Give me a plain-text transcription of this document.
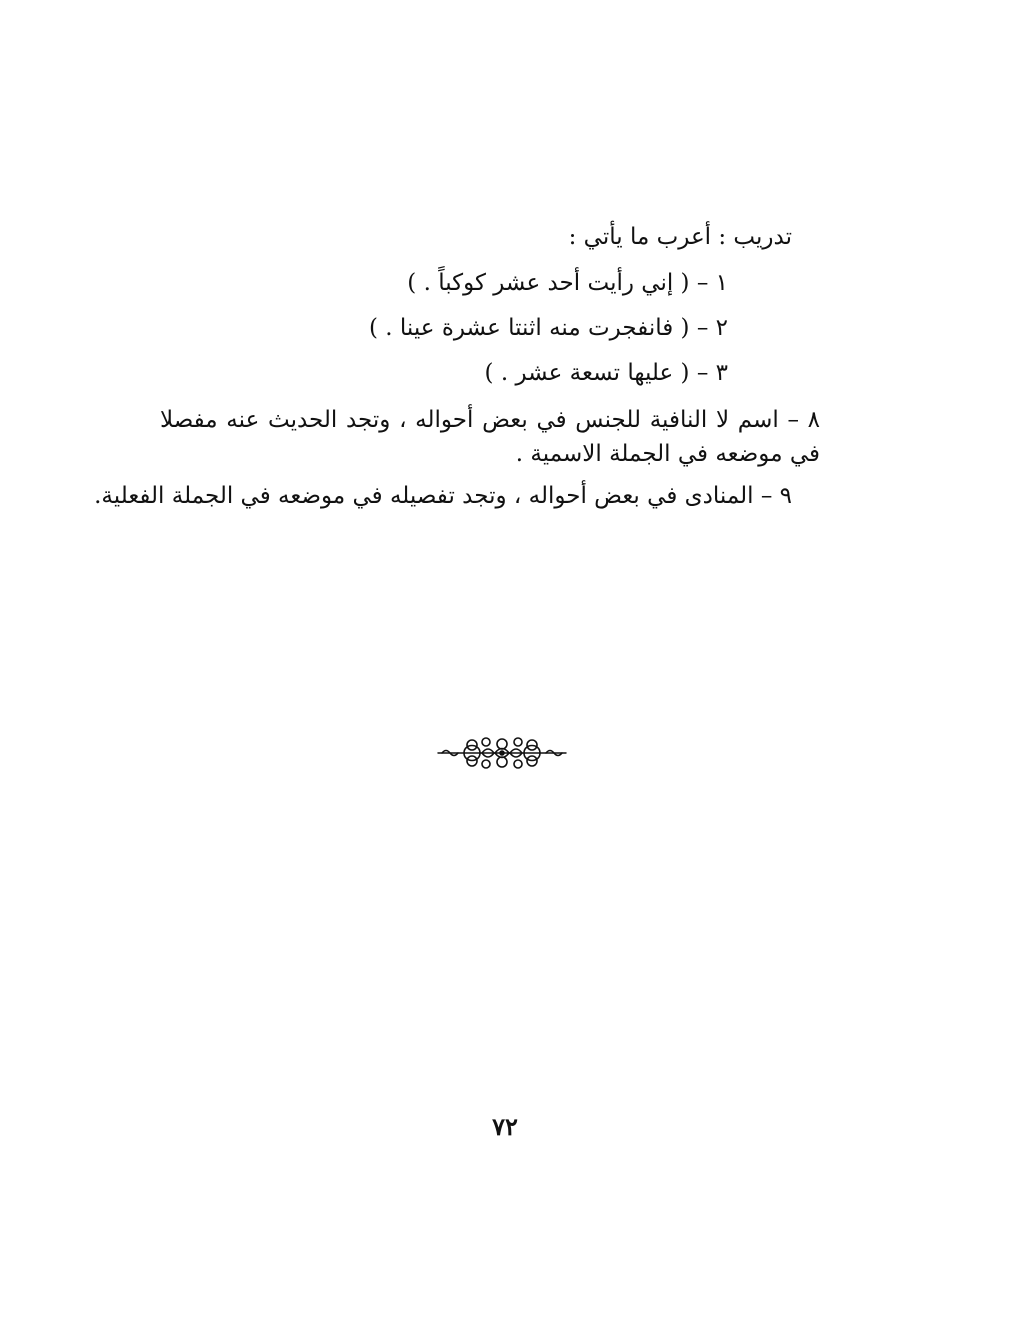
تدريب : أعرب ما يأتي :
١ – ( إني رأيت أحد عشر كوكباً . )
٢ – ( فانفجرت منه اثنتا عشرة عينا . )
٣ – ( عليها تسعة عشر . )
٨ – اسم لا النافية للجنس في بعض أحواله ، وتجد الحديث عنه مفصلا
في موضعه في الجملة الاسمية .
٩ – المنادى في بعض أحواله ، وتجد تفصيله في موضعه في الجملة الفعلية.
٧٢
